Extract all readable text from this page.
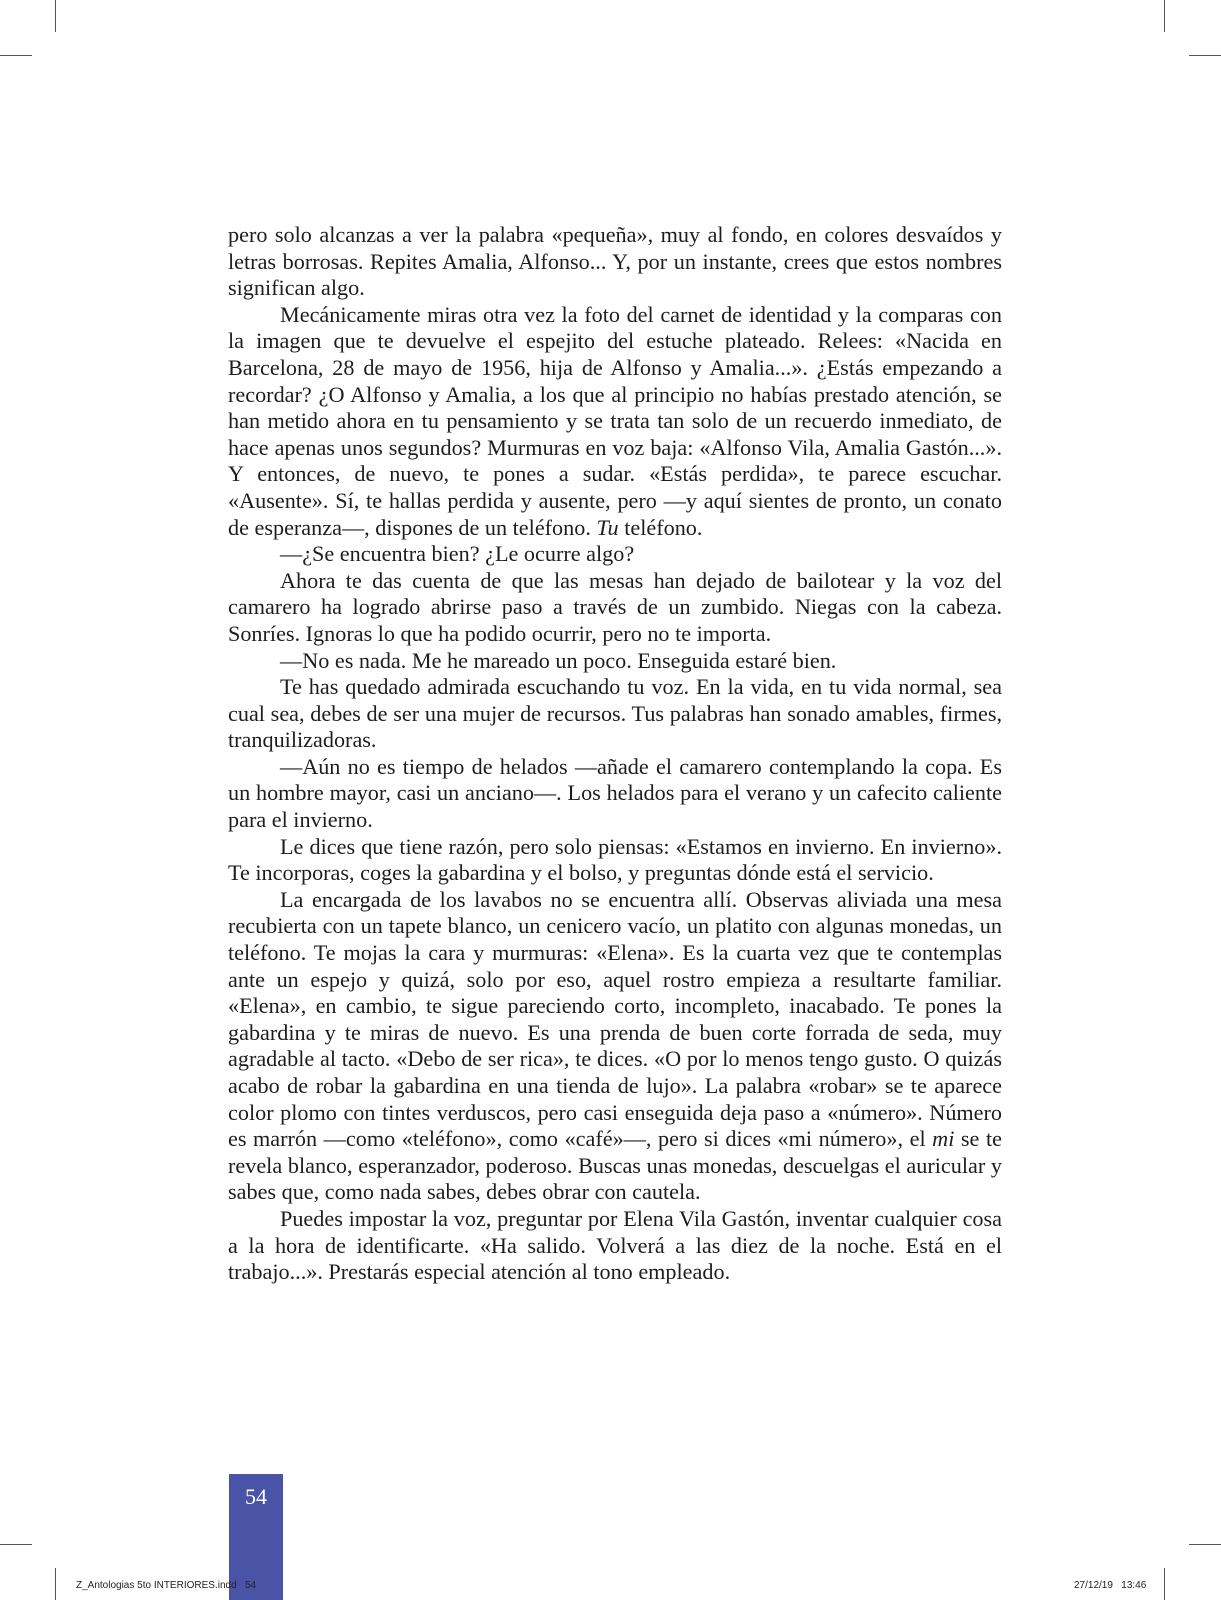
pero solo alcanzas a ver la palabra «pequeña», muy al fondo, en colores desvaídos y letras borrosas. Repites Amalia, Alfonso... Y, por un instante, crees que estos nombres significan algo.

Mecánicamente miras otra vez la foto del carnet de identidad y la comparas con la imagen que te devuelve el espejito del estuche plateado. Relees: «Nacida en Barcelona, 28 de mayo de 1956, hija de Alfonso y Amalia...». ¿Estás empezando a recordar? ¿O Alfonso y Amalia, a los que al principio no habías prestado atención, se han metido ahora en tu pensamiento y se trata tan solo de un recuerdo inmediato, de hace apenas unos segundos? Murmuras en voz baja: «Alfonso Vila, Amalia Gastón...». Y entonces, de nuevo, te pones a sudar. «Estás perdida», te parece escuchar. «Ausente». Sí, te hallas perdida y ausente, pero —y aquí sientes de pronto, un conato de esperanza—, dispones de un teléfono. Tu teléfono.

—¿Se encuentra bien? ¿Le ocurre algo?

Ahora te das cuenta de que las mesas han dejado de bailotear y la voz del camarero ha logrado abrirse paso a través de un zumbido. Niegas con la cabeza. Sonríes. Ignoras lo que ha podido ocurrir, pero no te importa.

—No es nada. Me he mareado un poco. Enseguida estaré bien.

Te has quedado admirada escuchando tu voz. En la vida, en tu vida normal, sea cual sea, debes de ser una mujer de recursos. Tus palabras han sonado amables, firmes, tranquilizadoras.

—Aún no es tiempo de helados —añade el camarero contemplando la copa. Es un hombre mayor, casi un anciano—. Los helados para el verano y un cafecito caliente para el invierno.

Le dices que tiene razón, pero solo piensas: «Estamos en invierno. En invierno». Te incorporas, coges la gabardina y el bolso, y preguntas dónde está el servicio.

La encargada de los lavabos no se encuentra allí. Observas aliviada una mesa recubierta con un tapete blanco, un cenicero vacío, un platito con algunas monedas, un teléfono. Te mojas la cara y murmuras: «Elena». Es la cuarta vez que te contemplas ante un espejo y quizá, solo por eso, aquel rostro empieza a resultarte familiar. «Elena», en cambio, te sigue pareciendo corto, incompleto, inacabado. Te pones la gabardina y te miras de nuevo. Es una prenda de buen corte forrada de seda, muy agradable al tacto. «Debo de ser rica», te dices. «O por lo menos tengo gusto. O quizás acabo de robar la gabardina en una tienda de lujo». La palabra «robar» se te aparece color plomo con tintes verduscos, pero casi enseguida deja paso a «número». Número es marrón —como «teléfono», como «café»—, pero si dices «mi número», el mi se te revela blanco, esperanzador, poderoso. Buscas unas monedas, descuelgas el auricular y sabes que, como nada sabes, debes obrar con cautela.

Puedes impostar la voz, preguntar por Elena Vila Gastón, inventar cualquier cosa a la hora de identificarte. «Ha salido. Volverá a las diez de la noche. Está en el trabajo...». Prestarás especial atención al tono empleado.

54
Z_Antologias 5to INTERIORES.indd   54	27/12/19   13:46
